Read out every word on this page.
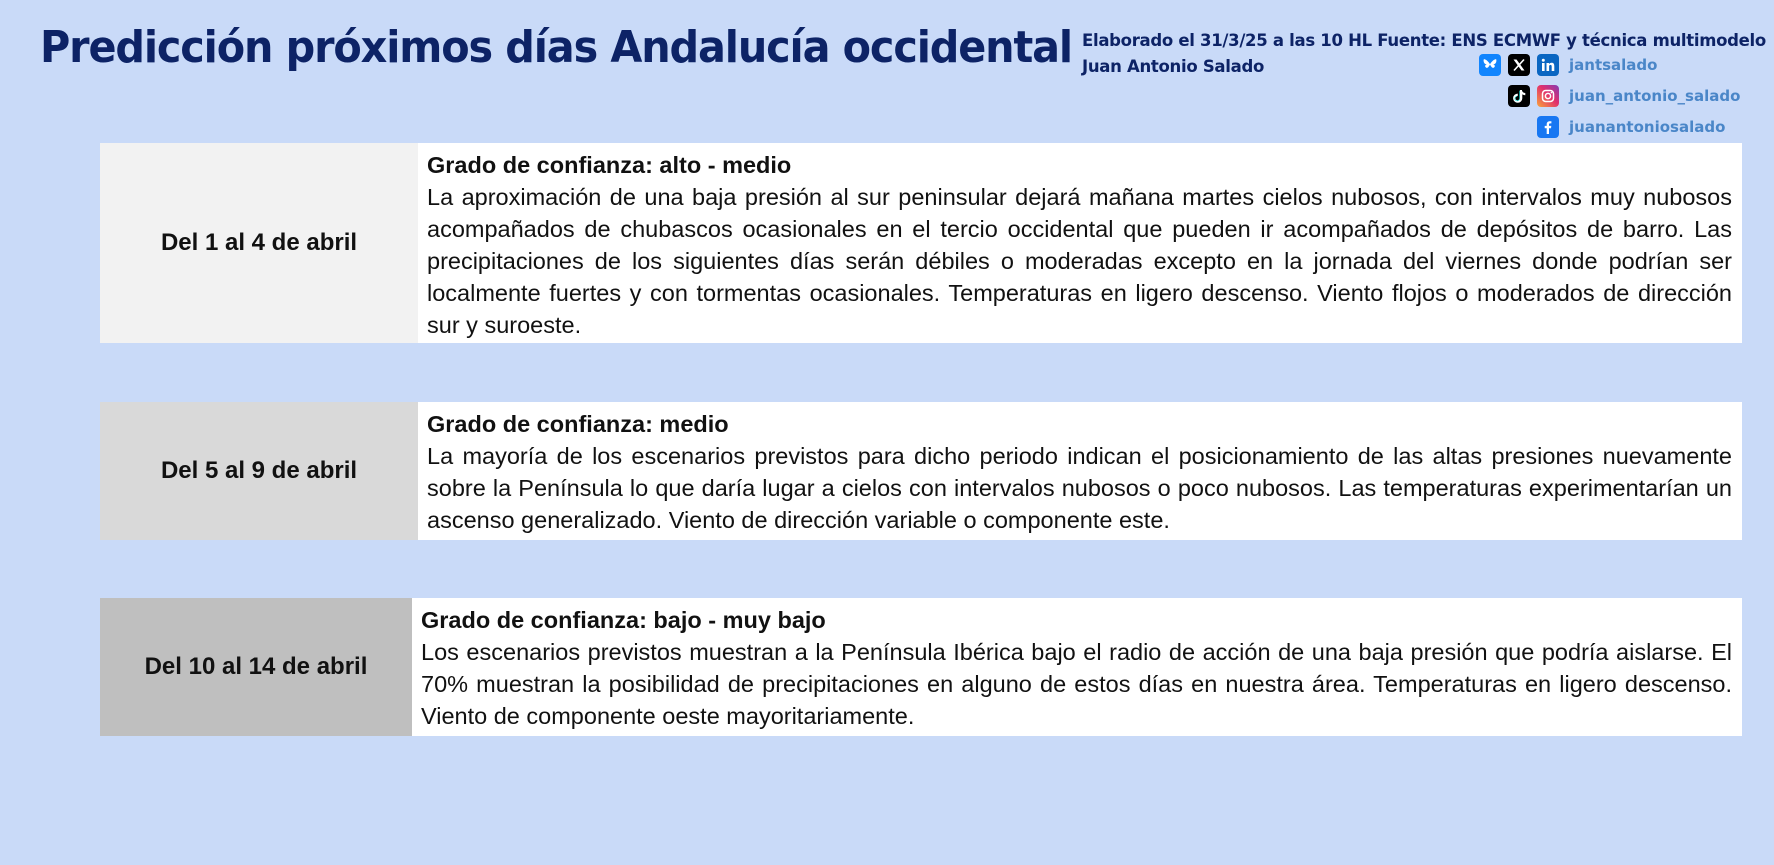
Predicción próximos días Andalucía occidental Elaborado el 31/3/25 a las 10 HL Fuente: ENS ECMWF y técnica multimodelo
Juan Antonio Salado	jantsalado
juan_antonio_salado
juanantoniosalado
Del 1 al 4 de abril
Grado de confianza: alto - medio
La aproximación de una baja presión al sur peninsular dejará mañana martes cielos nubosos, con intervalos muy nubosos acompañados de chubascos ocasionales en el tercio occidental que pueden ir acompañados de depósitos de barro. Las precipitaciones de los siguientes días serán débiles o moderadas excepto en la jornada del viernes donde podrían ser localmente fuertes y con tormentas ocasionales. Temperaturas en ligero descenso. Viento flojos o moderados de dirección sur y suroeste.
Del 5 al 9 de abril
Grado de confianza: medio
La mayoría de los escenarios previstos para dicho periodo indican el posicionamiento de las altas presiones nuevamente sobre la Península lo que daría lugar a cielos con intervalos nubosos o poco nubosos. Las temperaturas experimentarían un ascenso generalizado. Viento de dirección variable o componente este.
Del 10 al 14 de abril
Grado de confianza: bajo - muy bajo
Los escenarios previstos muestran a la Península Ibérica bajo el radio de acción de una baja presión que podría aislarse. El 70% muestran la posibilidad de precipitaciones en alguno de estos días en nuestra área. Temperaturas en ligero descenso. Viento de componente oeste mayoritariamente.
